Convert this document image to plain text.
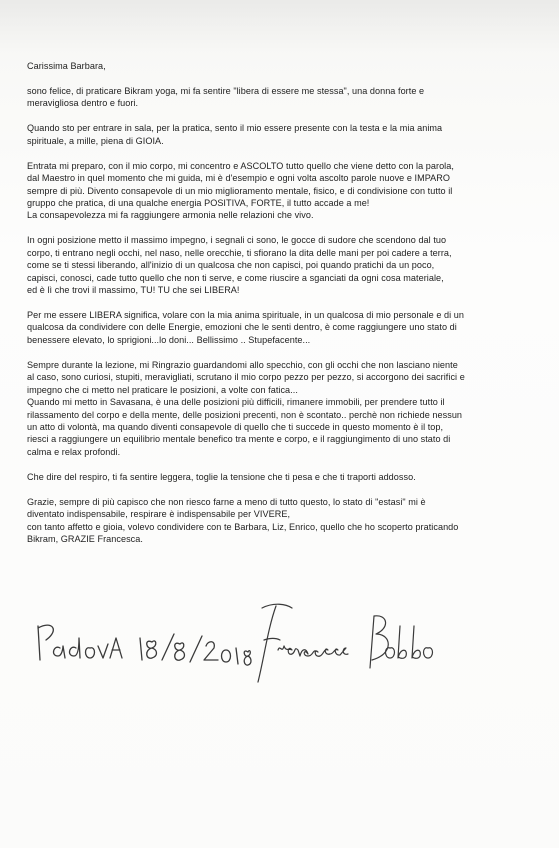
Carissima Barbara,

sono felice, di praticare Bikram yoga, mi fa sentire "libera di essere me stessa", una donna forte e
meravigliosa dentro e fuori.

Quando sto per entrare in sala, per la pratica, sento il mio essere presente con la testa e la mia anima
spirituale, a mille, piena di GIOIA.

Entrata mi preparo, con il mio corpo, mi concentro e ASCOLTO tutto quello che viene detto con la parola,
dal Maestro in quel momento che mi guida, mi è d'esempio e ogni volta ascolto parole nuove e IMPARO
sempre di più. Divento consapevole di un mio miglioramento mentale, fisico, e di condivisione con tutto il
gruppo che pratica, di una qualche energia POSITIVA, FORTE, il tutto accade a me!
La consapevolezza mi fa raggiungere armonia nelle relazioni che vivo.

In ogni posizione metto il massimo impegno, i segnali ci sono, le gocce di sudore che scendono dal tuo
corpo, ti entrano negli occhi, nel naso, nelle orecchie, ti sfiorano la dita delle mani per poi cadere a terra,
come se ti stessi liberando, all'inizio di un qualcosa che non capisci, poi quando pratichi da un poco,
capisci, conosci, cade tutto quello che non ti serve, e come riuscire a sganciati da ogni cosa materiale,
ed è lì che trovi il massimo, TU! TU che sei LIBERA!

Per me essere LIBERA significa, volare con la mia anima spirituale, in un qualcosa di mio personale e di un
qualcosa da condividere con delle Energie, emozioni che le senti dentro, è come raggiungere uno stato di
benessere elevato, lo sprigioni...lo doni... Bellissimo .. Stupefacente...

Sempre durante la lezione, mi Ringrazio guardandomi allo specchio, con gli occhi che non lasciano niente
al caso, sono curiosi, stupiti, meravigliati, scrutano il mio corpo pezzo per pezzo, si accorgono dei sacrifici e
impegno che ci metto nel praticare le posizioni, a volte con fatica...
Quando mi metto in Savasana, è una delle posizioni più difficili, rimanere immobili, per prendere tutto il
rilassamento del corpo e della mente, delle posizioni precenti, non è scontato.. perchè non richiede nessun
un atto di volontà, ma quando diventi consapevole di quello che ti succede in questo momento è il top,
riesci a raggiungere un equilibrio mentale benefico tra mente e corpo, e il raggiungimento di uno stato di
calma e relax profondi.

Che dire del respiro, ti fa sentire leggera, toglie la tensione che ti pesa e che ti traporti addosso.

Grazie, sempre di più capisco che non riesco farne a meno di tutto questo, lo stato di "estasi" mi è
diventato indispensabile, respirare è indispensabile per VIVERE,
con tanto affetto e gioia, volevo condividere con te Barbara, Liz, Enrico, quello che ho scoperto praticando
Bikram, GRAZIE Francesca.
